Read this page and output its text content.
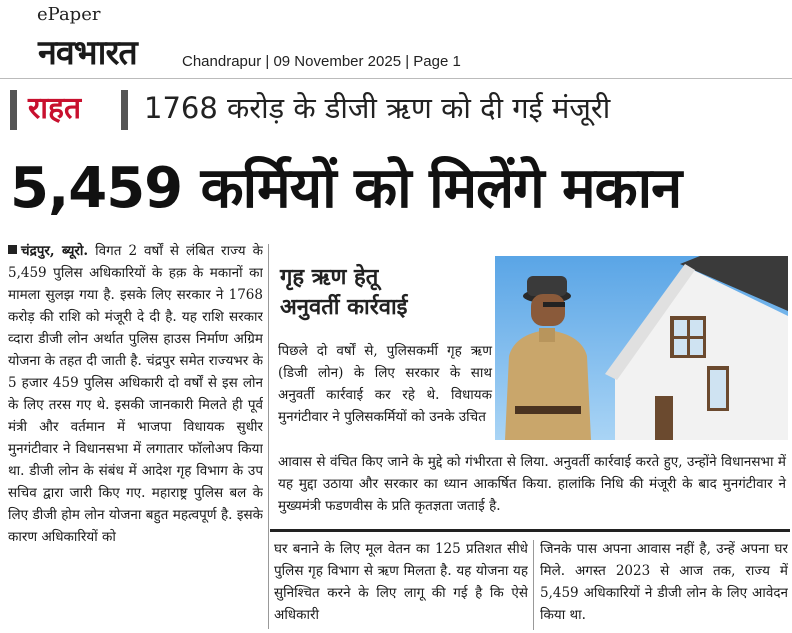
ePaper
नवभारत	Chandrapur | 09 November 2025 | Page 1
राहत 1768 करोड़ के डीजी ऋण को दी गई मंजूरी
5,459 कर्मियों को मिलेंगे मकान
चंद्रपुर, ब्यूरो. विगत 2 वर्षों से लंबित राज्य के 5,459 पुलिस अधिकारियों के हक़ के मकानों का मामला सुलझ गया है. इसके लिए सरकार ने 1768 करोड़ की राशि को मंजूरी दे दी है. यह राशि सरकार व्दारा डीजी लोन अर्थात पुलिस हाउस निर्माण अग्रिम योजना के तहत दी जाती है. चंद्रपुर समेत राज्यभर के 5 हजार 459 पुलिस अधिकारी दो वर्षों से इस लोन के लिए तरस गए थे. इसकी जानकारी मिलते ही पूर्व मंत्री और वर्तमान में भाजपा विधायक सुधीर मुनगंटीवार ने विधानसभा में लगातार फॉलोअप किया था. डीजी लोन के संबंध में आदेश गृह विभाग के उप सचिव द्वारा जारी किए गए. महाराष्ट्र पुलिस बल के लिए डीजी होम लोन योजना बहुत महत्वपूर्ण है. इसके कारण अधिकारियों को
गृह ऋण हेतू
अनुवर्ती कार्रवाई
पिछले दो वर्षों से, पुलिसकर्मी गृह ऋण (डिजी लोन) के लिए सरकार के साथ अनुवर्ती कार्रवाई कर रहे थे. विधायक मुनगंटीवार ने पुलिसकर्मियों को उनके उचित
आवास से वंचित किए जाने के मुद्दे को गंभीरता से लिया. अनुवर्ती कार्रवाई करते हुए, उन्होंने विधानसभा में यह मुद्दा उठाया और सरकार का ध्यान आकर्षित किया. हालांकि निधि की मंजूरी के बाद मुनगंटीवार ने मुख्यमंत्री फडणवीस के प्रति कृतज्ञता जताई है.
घर बनाने के लिए मूल वेतन का 125 प्रतिशत सीधे पुलिस गृह विभाग से ऋण मिलता है. यह योजना यह सुनिश्चित करने के लिए लागू की गई है कि ऐसे अधिकारी
जिनके पास अपना आवास नहीं है, उन्हें अपना घर मिले. अगस्त 2023 से आज तक, राज्य में 5,459 अधिकारियों ने डीजी लोन के लिए आवेदन किया था.
